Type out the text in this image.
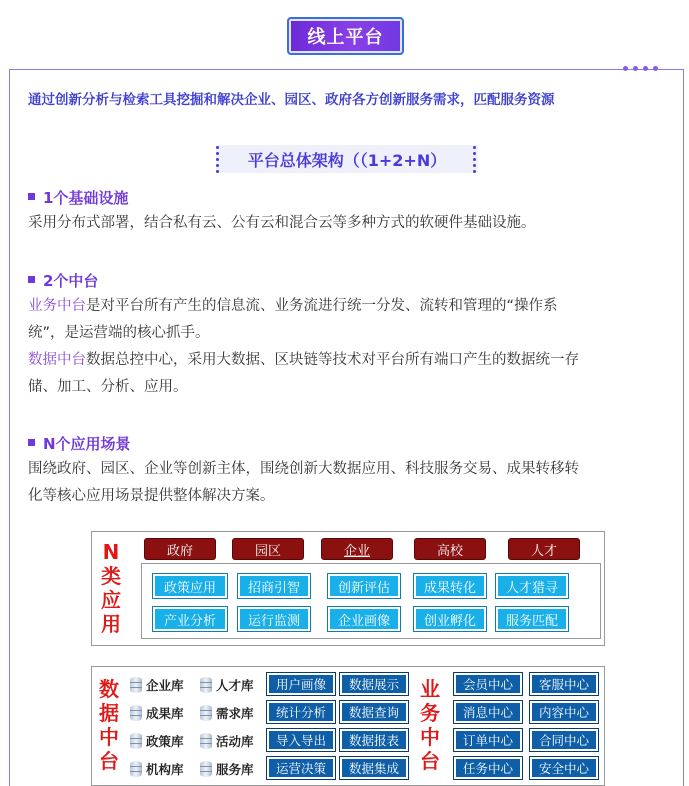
线上平台
通过创新分析与检索工具挖掘和解决企业、园区、政府各方创新服务需求，匹配服务资源
平台总体架构（（1+2+N）
1个基础设施
采用分布式部署，结合私有云、公有云和混合云等多种方式的软硬件基础设施。
2个中台
业务中台是对平台所有产生的信息流、业务流进行统一分发、流转和管理的“操作系
统”，是运营端的核心抓手。
数据中台数据总控中心，采用大数据、区块链等技术对平台所有端口产生的数据统一存
储、加工、分析、应用。
N个应用场景
围绕政府、园区、企业等创新主体，围绕创新大数据应用、科技服务交易、成果转移转
化等核心应用场景提供整体解决方案。
N
类
应
用
政府	园区	企业	高校	人才
政策应用	招商引智	创新评估	成果转化	人才猎寻
产业分析	运行监测	企业画像	创业孵化	服务匹配
数
据
中
台
企业库
成果库
政策库
机构库
人才库
需求库
活动库
服务库
用户画像
统计分析
导入导出
运营决策
数据展示
数据查询
数据报表
数据集成
业
务
中
台
会员中心
消息中心
订单中心
任务中心
客服中心
内容中心
合同中心
安全中心
